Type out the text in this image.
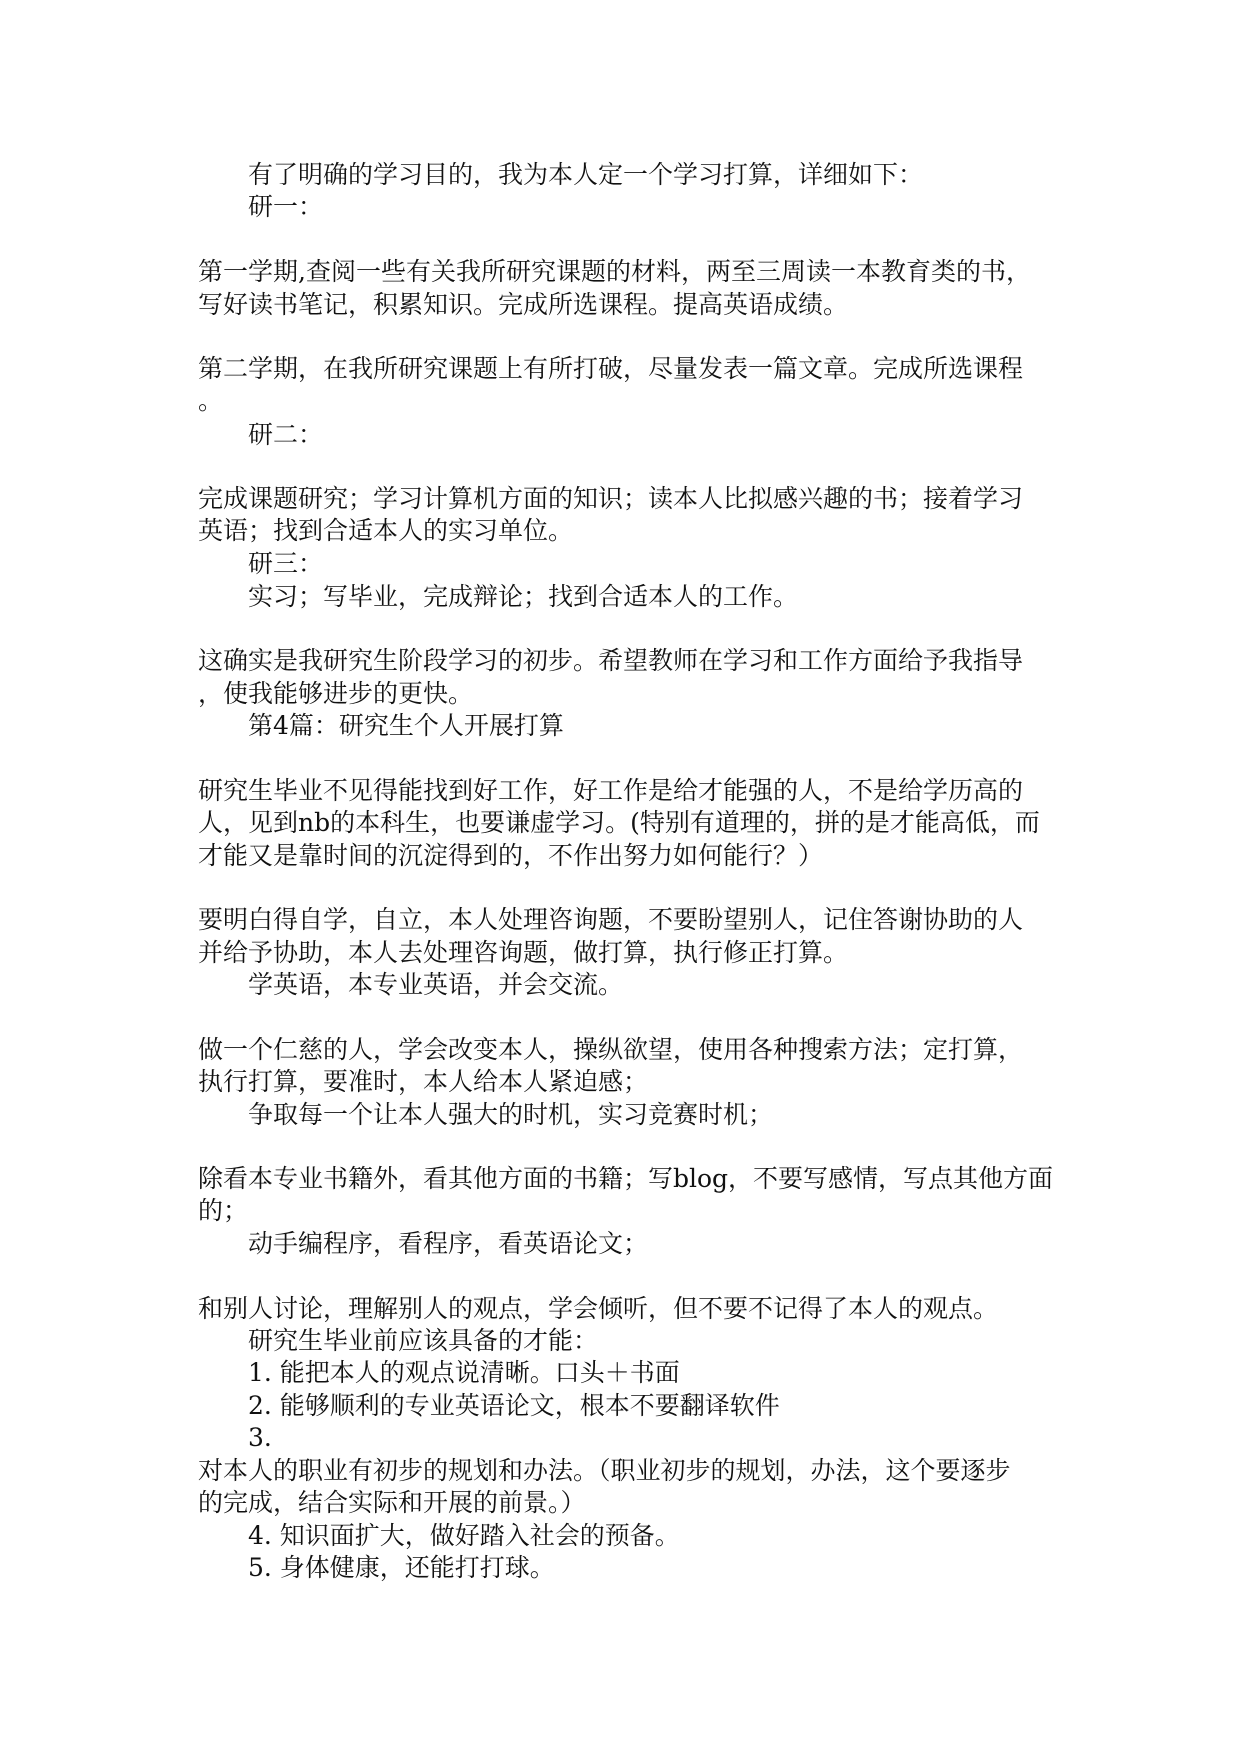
有了明确的学习目的，我为本人定一个学习打算，详细如下：
研一：
第一学期,查阅一些有关我所研究课题的材料，两至三周读一本教育类的书，
写好读书笔记，积累知识。完成所选课程。提高英语成绩。
第二学期，在我所研究课题上有所打破，尽量发表一篇文章。完成所选课程
。
研二：
完成课题研究；学习计算机方面的知识；读本人比拟感兴趣的书；接着学习
英语；找到合适本人的实习单位。
研三：
实习；写毕业，完成辩论；找到合适本人的工作。
这确实是我研究生阶段学习的初步。希望教师在学习和工作方面给予我指导
，使我能够进步的更快。
第4篇：研究生个人开展打算
研究生毕业不见得能找到好工作，好工作是给才能强的人，不是给学历高的
人，见到nb的本科生，也要谦虚学习。(特别有道理的，拼的是才能高低，而
才能又是靠时间的沉淀得到的，不作出努力如何能行？）
要明白得自学，自立，本人处理咨询题，不要盼望别人，记住答谢协助的人
并给予协助，本人去处理咨询题，做打算，执行修正打算。
学英语，本专业英语，并会交流。
做一个仁慈的人，学会改变本人，操纵欲望，使用各种搜索方法；定打算，
执行打算，要准时，本人给本人紧迫感；
争取每一个让本人强大的时机，实习竞赛时机；
除看本专业书籍外，看其他方面的书籍；写blog，不要写感情，写点其他方面
的；
动手编程序，看程序，看英语论文；
和别人讨论，理解别人的观点，学会倾听，但不要不记得了本人的观点。
研究生毕业前应该具备的才能：
1. 能把本人的观点说清晰。口头＋书面
2. 能够顺利的专业英语论文，根本不要翻译软件
3.
对本人的职业有初步的规划和办法。（职业初步的规划，办法，这个要逐步
的完成，结合实际和开展的前景。）
4. 知识面扩大，做好踏入社会的预备。
5. 身体健康，还能打打球。
